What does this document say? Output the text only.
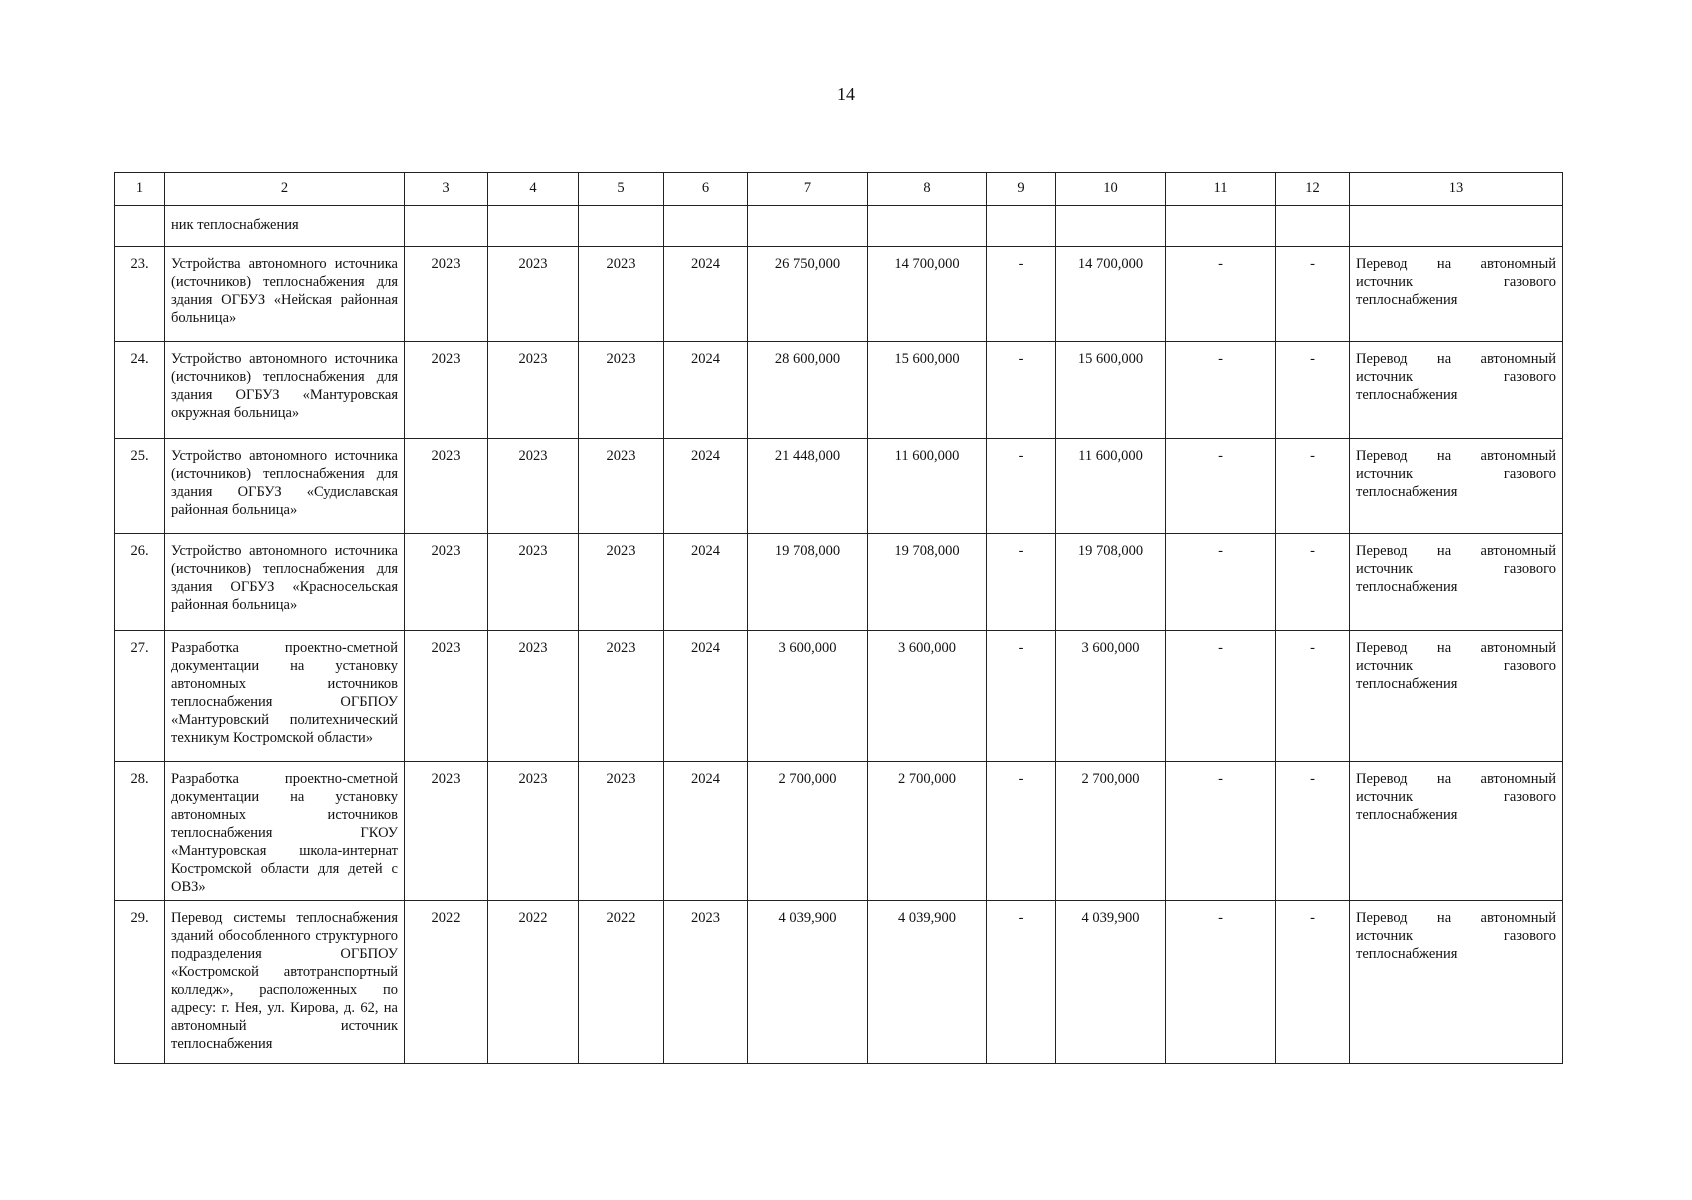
14
1	2	3	4	5	6	7	8	9	10	11	12	13
	ник теплоснабжения											
23.	Устройства автономного источника (источников) теплоснабжения для здания ОГБУЗ «Нейская районная больница»	2023	2023	2023	2024	26 750,000	14 700,000	-	14 700,000	-	-	Перевод на автономный источник газового теплоснабжения
24.	Устройство автономного источника (источников) теплоснабжения для здания ОГБУЗ «Мантуровская окружная больница»	2023	2023	2023	2024	28 600,000	15 600,000	-	15 600,000	-	-	Перевод на автономный источник газового теплоснабжения
25.	Устройство автономного источника (источников) теплоснабжения для здания ОГБУЗ «Судиславская районная больница»	2023	2023	2023	2024	21 448,000	11 600,000	-	11 600,000	-	-	Перевод на автономный источник газового теплоснабжения
26.	Устройство автономного источника (источников) теплоснабжения для здания ОГБУЗ «Красносельская районная больница»	2023	2023	2023	2024	19 708,000	19 708,000	-	19 708,000	-	-	Перевод на автономный источник газового теплоснабжения
27.	Разработка проектно-сметной документации на установку автономных источников теплоснабжения ОГБПОУ «Мантуровский политехнический техникум Костромской области»	2023	2023	2023	2024	3 600,000	3 600,000	-	3 600,000	-	-	Перевод на автономный источник газового теплоснабжения
28.	Разработка проектно-сметной документации на установку автономных источников теплоснабжения ГКОУ «Мантуровская школа-интернат Костромской области для детей с ОВЗ»	2023	2023	2023	2024	2 700,000	2 700,000	-	2 700,000	-	-	Перевод на автономный источник газового теплоснабжения
29.	Перевод системы теплоснабжения зданий обособленного структурного подразделения ОГБПОУ «Костромской автотранспортный колледж», расположенных по адресу: г. Нея, ул. Кирова, д. 62, на автономный источник теплоснабжения	2022	2022	2022	2023	4 039,900	4 039,900	-	4 039,900	-	-	Перевод на автономный источник газового теплоснабжения
